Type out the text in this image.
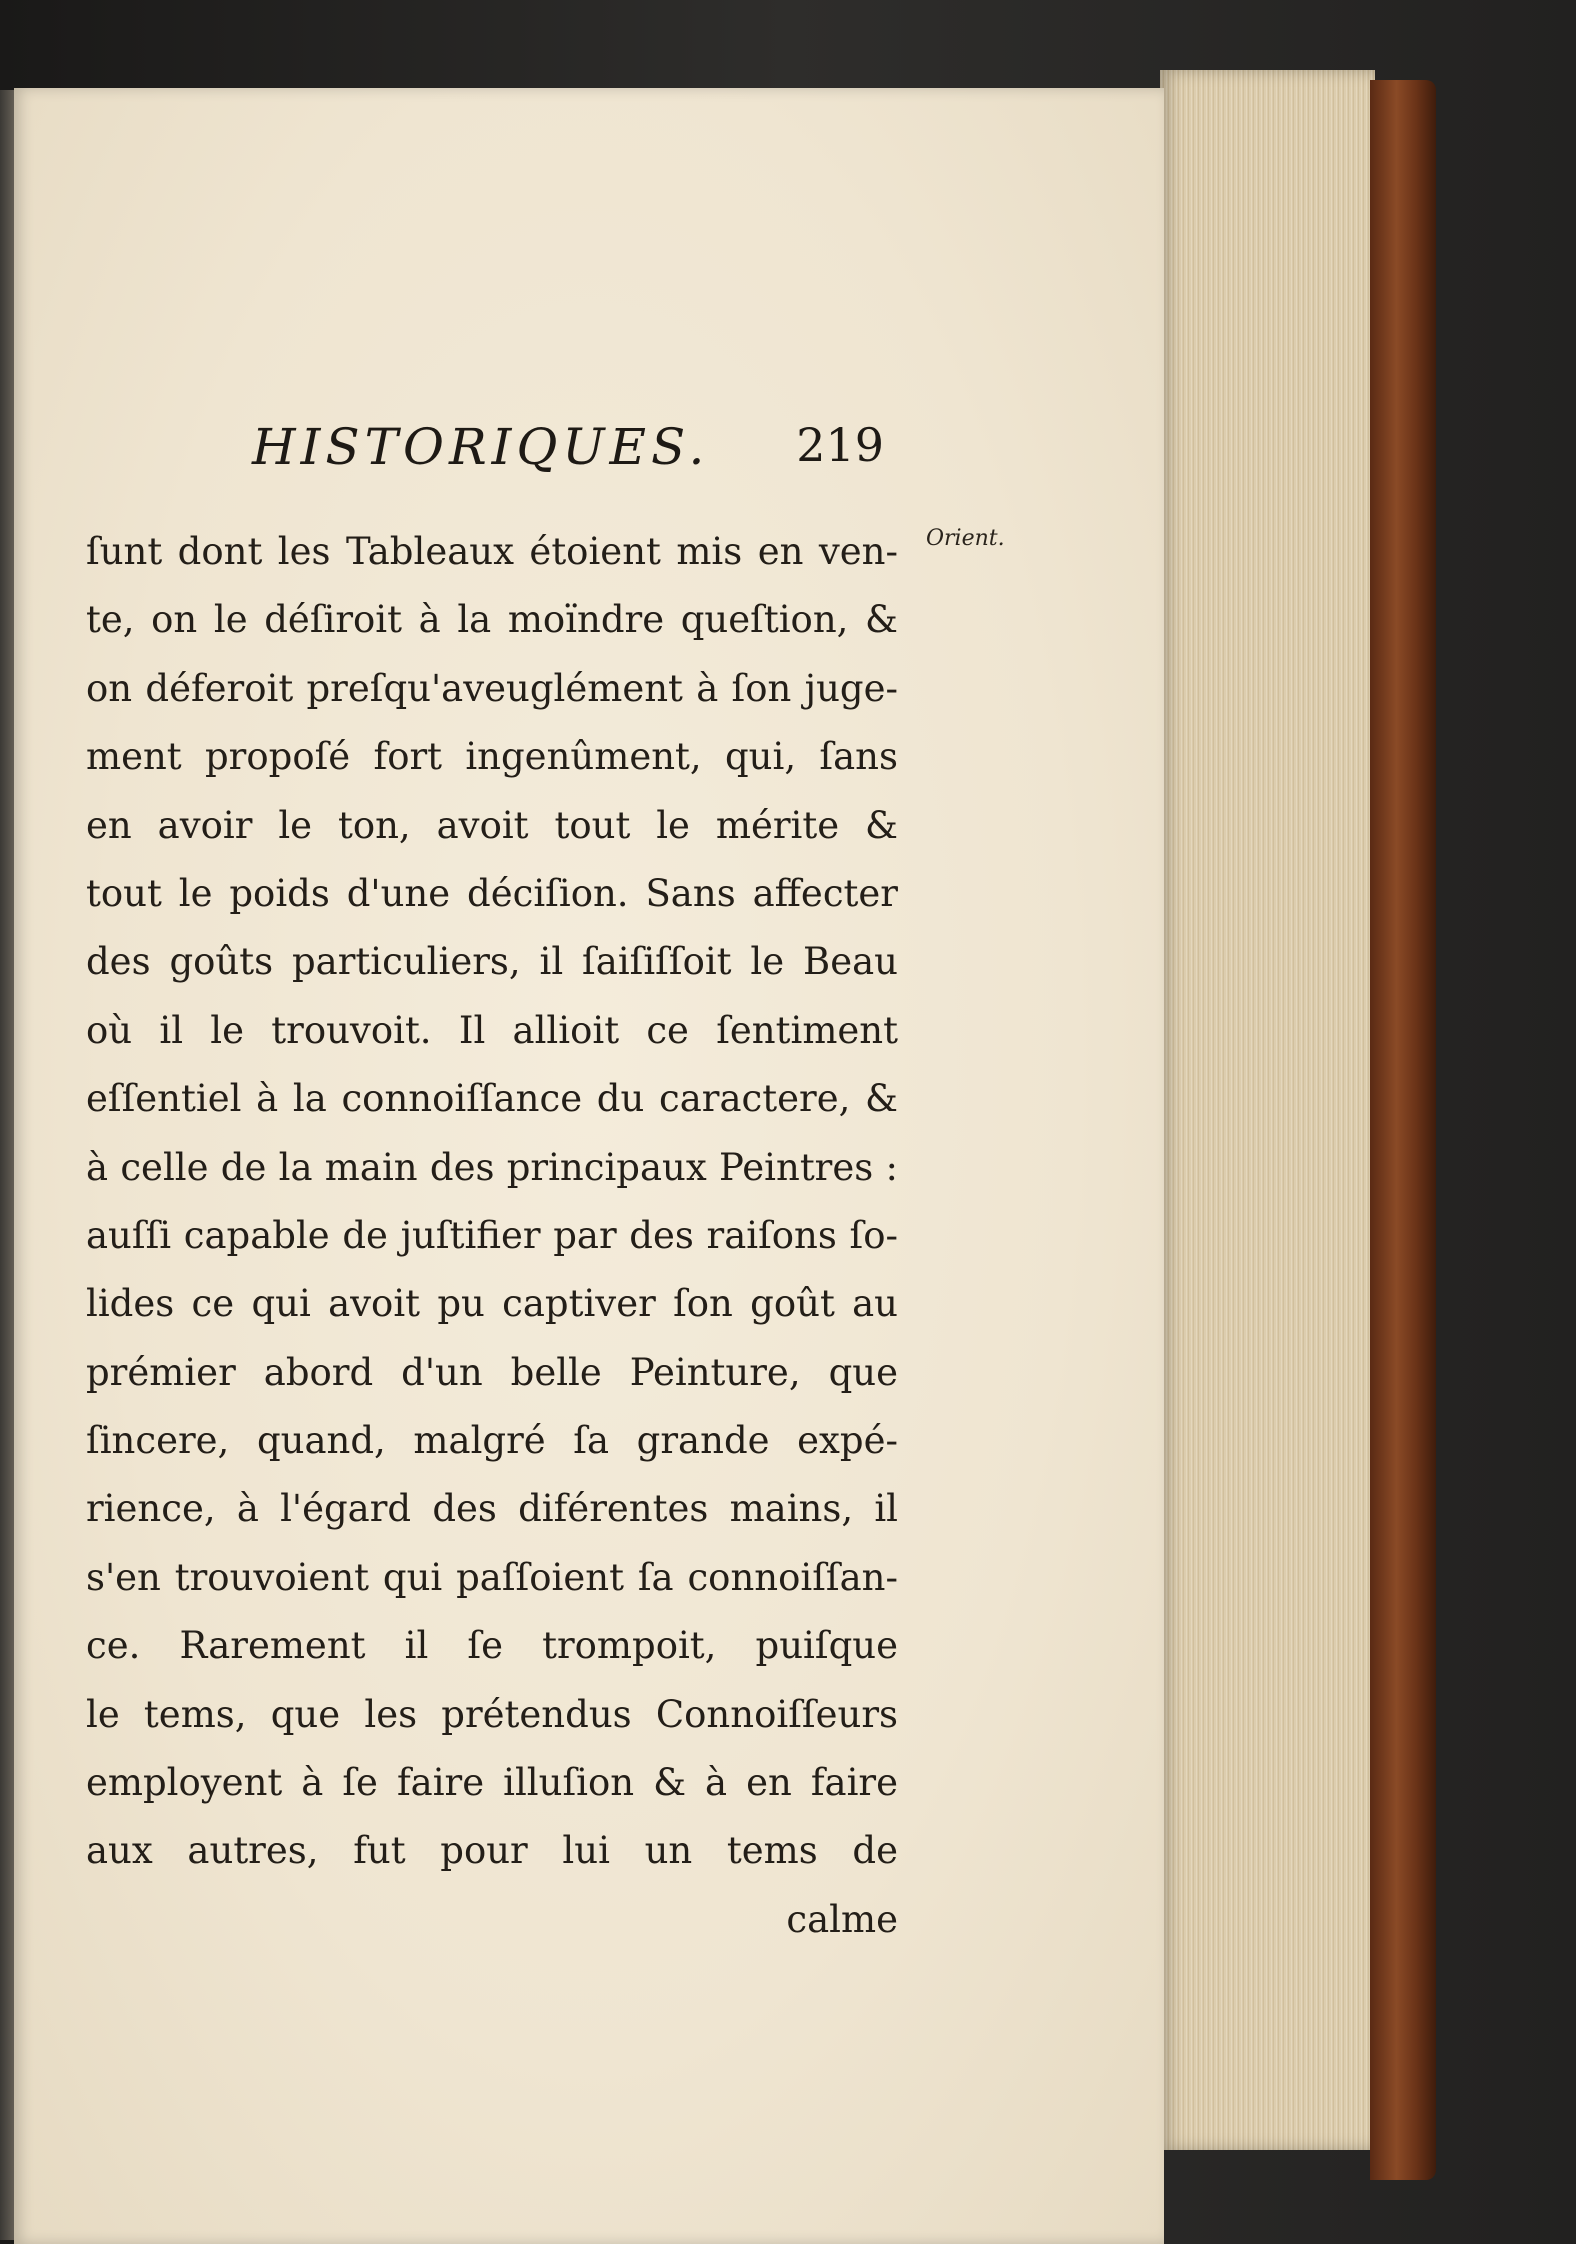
HISTORIQUES. 219
Orient.
ſunt dont les Tableaux étoient mis en ven-
te, on le déſiroit à la moïndre queſtion, &
on déferoit preſqu'aveuglément à ſon juge-
ment propoſé fort ingenûment, qui, ſans
en avoir le ton, avoit tout le mérite &
tout le poids d'une déciſion. Sans affecter
des goûts particuliers, il ſaiſiſſoit le Beau
où il le trouvoit. Il allioit ce ſentiment
eſſentiel à la connoiſſance du caractere, &
à celle de la main des principaux Peintres :
auſſi capable de juſtifier par des raiſons ſo-
lides ce qui avoit pu captiver ſon goût au
prémier abord d'un belle Peinture, que
ſincere, quand, malgré ſa grande expé-
rience, à l'égard des diférentes mains, il
s'en trouvoient qui paſſoient ſa connoiſſan-
ce. Rarement il ſe trompoit, puiſque
le tems, que les prétendus Connoiſſeurs
employent à ſe faire illuſion & à en faire
aux autres, fut pour lui un tems de
calme
